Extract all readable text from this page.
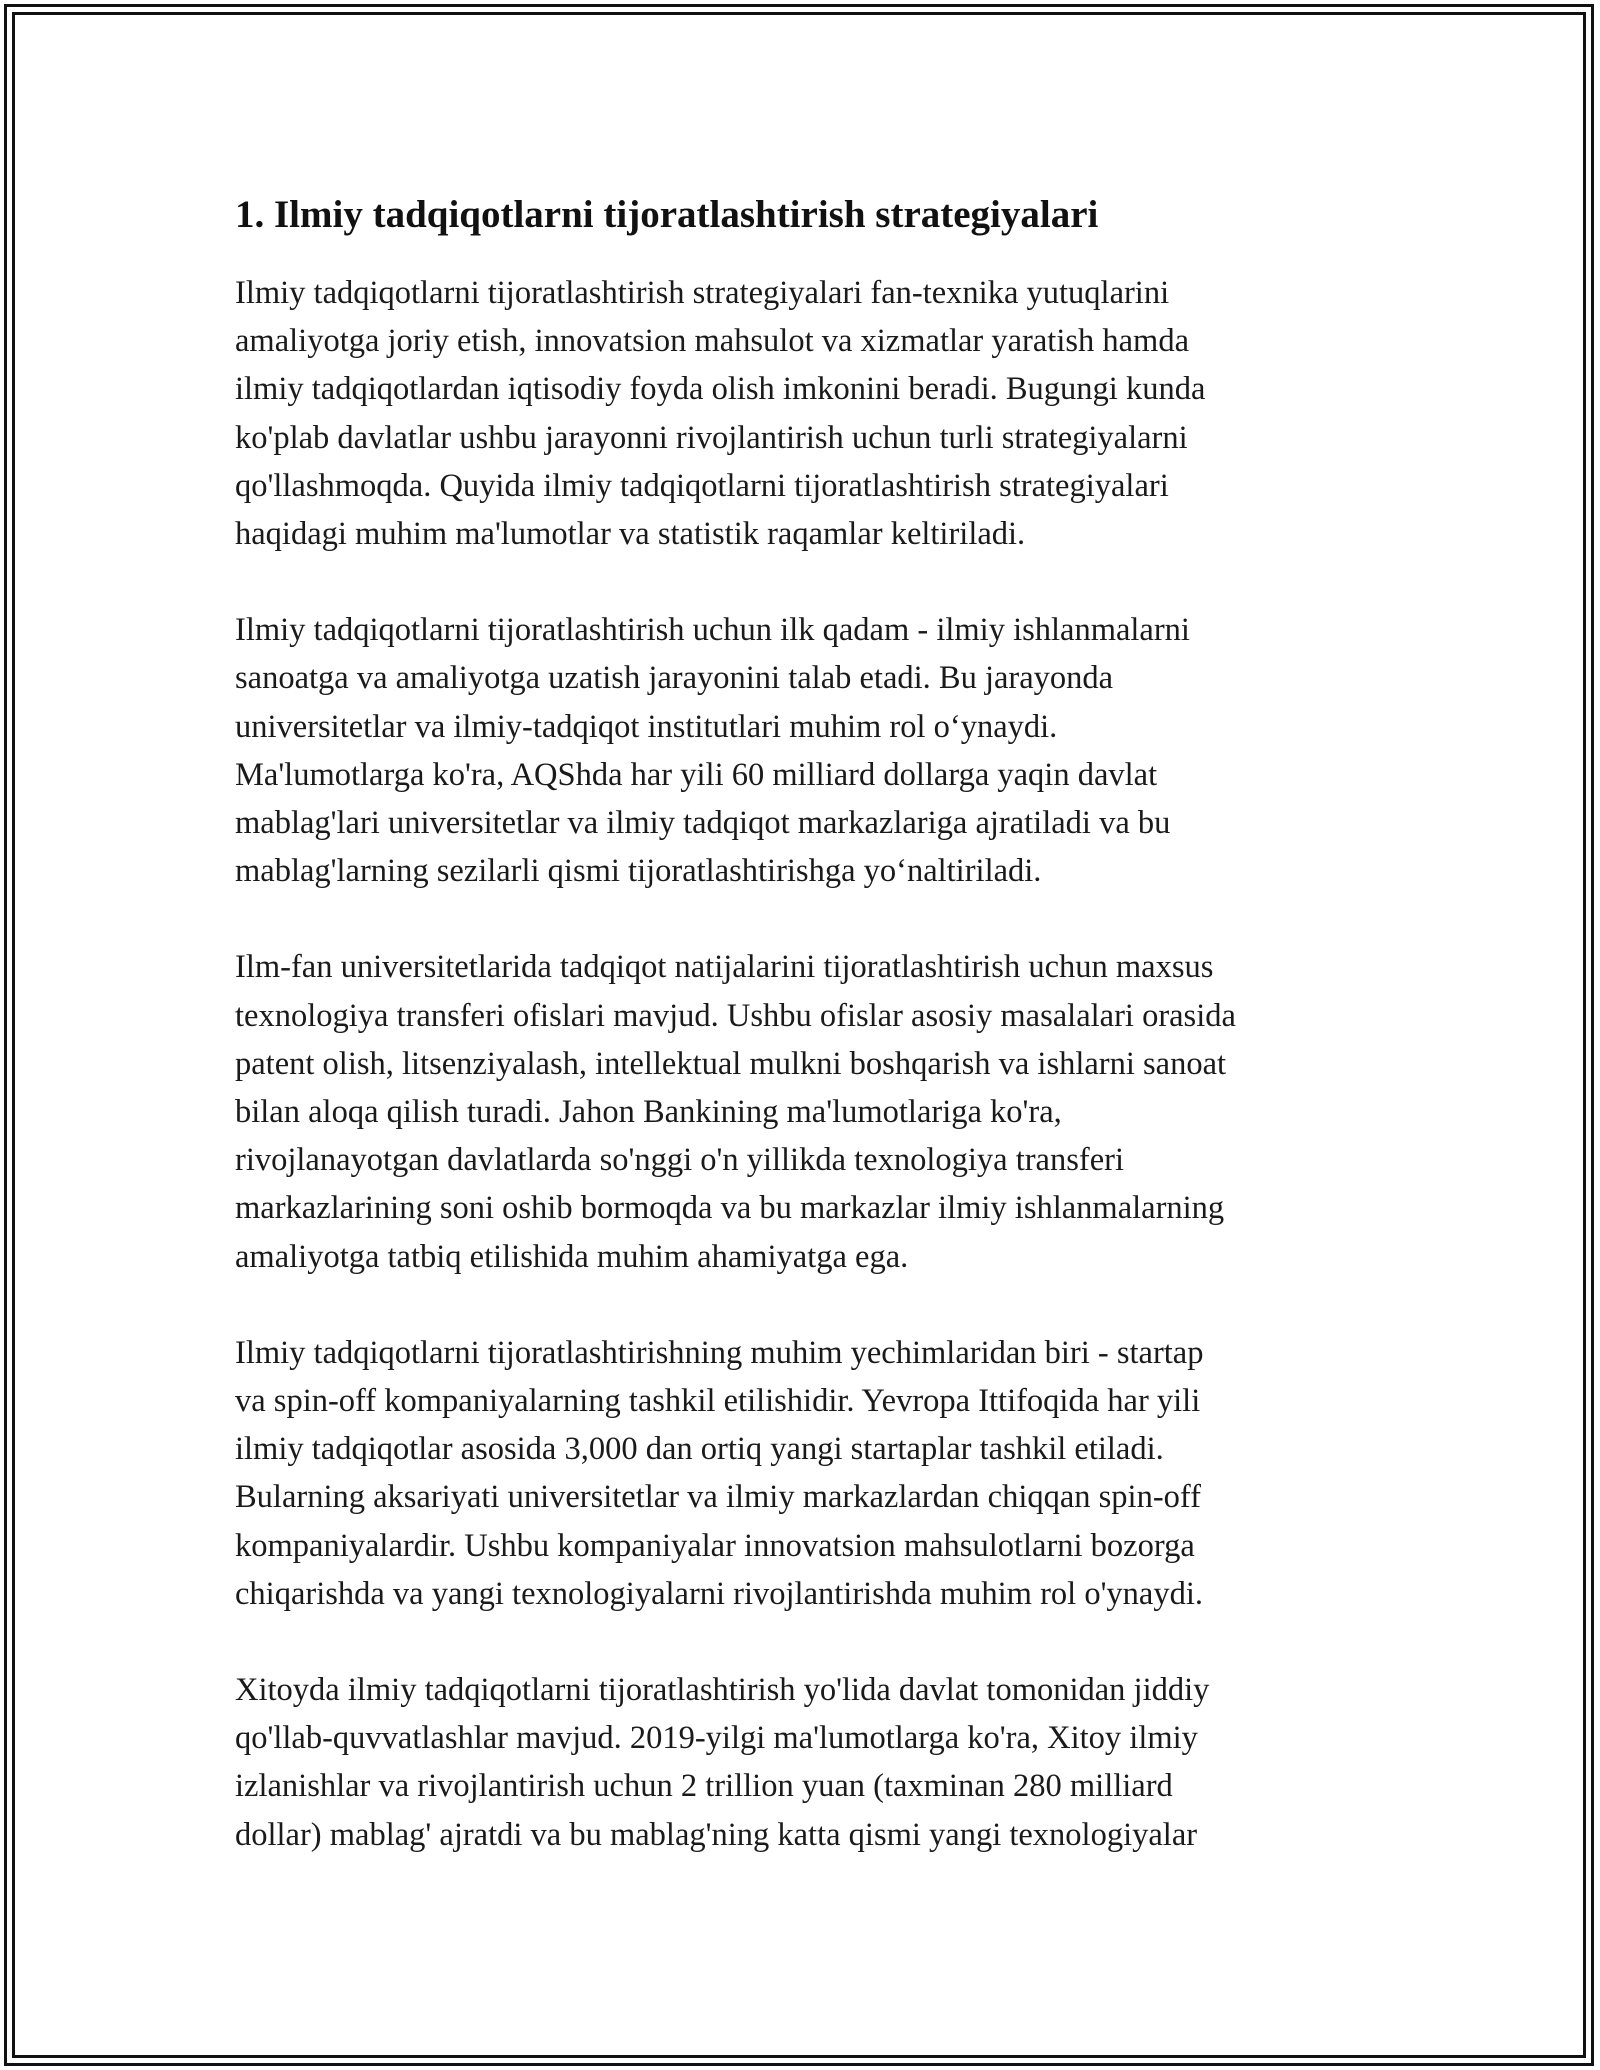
1. Ilmiy tadqiqotlarni tijoratlashtirish strategiyalari

Ilmiy tadqiqotlarni tijoratlashtirish strategiyalari fan-texnika yutuqlarini
amaliyotga joriy etish, innovatsion mahsulot va xizmatlar yaratish hamda
ilmiy tadqiqotlardan iqtisodiy foyda olish imkonini beradi. Bugungi kunda
ko'plab davlatlar ushbu jarayonni rivojlantirish uchun turli strategiyalarni
qo'llashmoqda. Quyida ilmiy tadqiqotlarni tijoratlashtirish strategiyalari
haqidagi muhim ma'lumotlar va statistik raqamlar keltiriladi.

Ilmiy tadqiqotlarni tijoratlashtirish uchun ilk qadam - ilmiy ishlanmalarni
sanoatga va amaliyotga uzatish jarayonini talab etadi. Bu jarayonda
universitetlar va ilmiy-tadqiqot institutlari muhim rol o‘ynaydi.
Ma'lumotlarga ko'ra, AQShda har yili 60 milliard dollarga yaqin davlat
mablag'lari universitetlar va ilmiy tadqiqot markazlariga ajratiladi va bu
mablag'larning sezilarli qismi tijoratlashtirishga yo‘naltiriladi.

Ilm-fan universitetlarida tadqiqot natijalarini tijoratlashtirish uchun maxsus
texnologiya transferi ofislari mavjud. Ushbu ofislar asosiy masalalari orasida
patent olish, litsenziyalash, intellektual mulkni boshqarish va ishlarni sanoat
bilan aloqa qilish turadi. Jahon Bankining ma'lumotlariga ko'ra,
rivojlanayotgan davlatlarda so'nggi o'n yillikda texnologiya transferi
markazlarining soni oshib bormoqda va bu markazlar ilmiy ishlanmalarning
amaliyotga tatbiq etilishida muhim ahamiyatga ega.

Ilmiy tadqiqotlarni tijoratlashtirishning muhim yechimlaridan biri - startap
va spin-off kompaniyalarning tashkil etilishidir. Yevropa Ittifoqida har yili
ilmiy tadqiqotlar asosida 3,000 dan ortiq yangi startaplar tashkil etiladi.
Bularning aksariyati universitetlar va ilmiy markazlardan chiqqan spin-off
kompaniyalardir. Ushbu kompaniyalar innovatsion mahsulotlarni bozorga
chiqarishda va yangi texnologiyalarni rivojlantirishda muhim rol o'ynaydi.

Xitoyda ilmiy tadqiqotlarni tijoratlashtirish yo'lida davlat tomonidan jiddiy
qo'llab-quvvatlashlar mavjud. 2019-yilgi ma'lumotlarga ko'ra, Xitoy ilmiy
izlanishlar va rivojlantirish uchun 2 trillion yuan (taxminan 280 milliard
dollar) mablag' ajratdi va bu mablag'ning katta qismi yangi texnologiyalar
